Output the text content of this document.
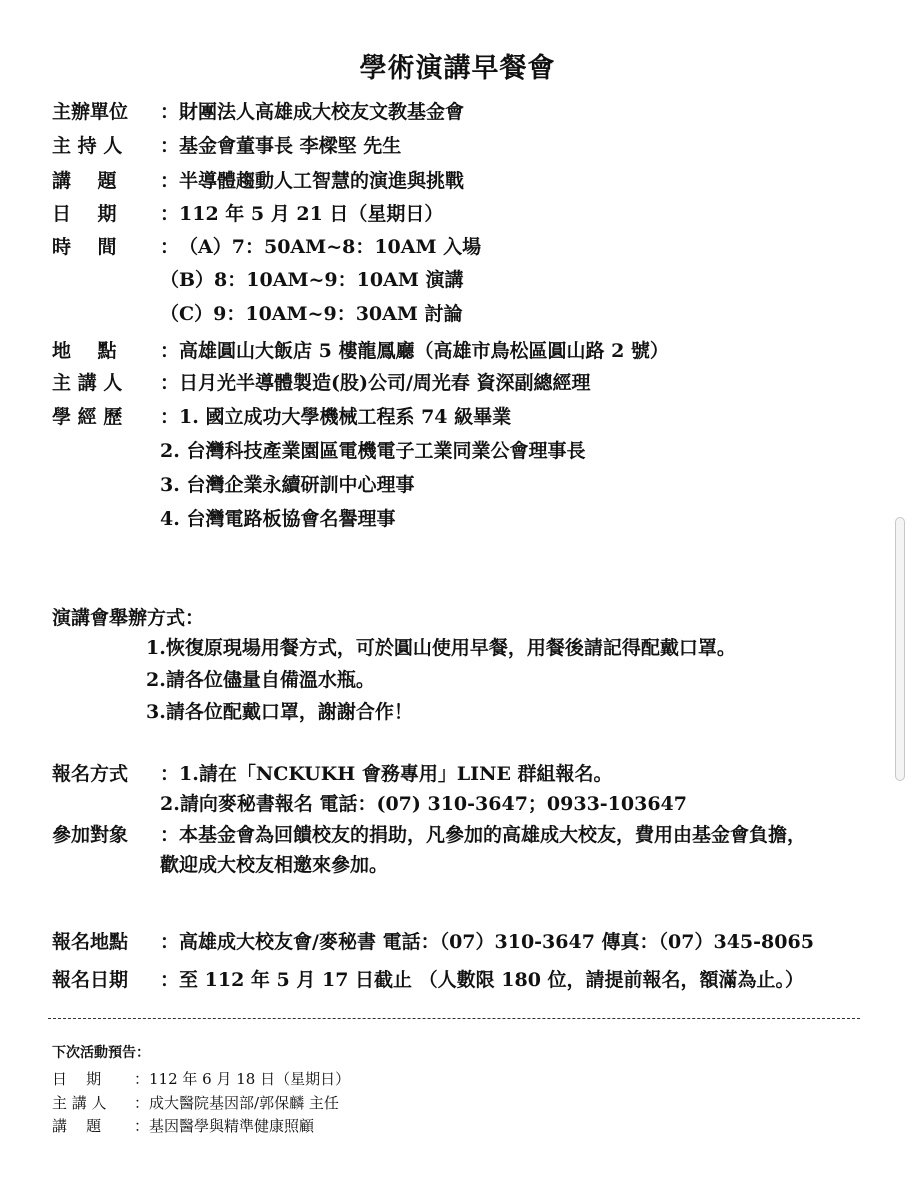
學術演講早餐會
主辦單位 ：財團法人高雄成大校友文教基金會
主 持 人 ：基金會董事長 李樑堅 先生
講    題 ：半導體趨動人工智慧的演進與挑戰
日    期 ：112 年 5 月 21 日（星期日）
時    間 ：（A）7：50AM~8：10AM 入場
（B）8：10AM~9：10AM 演講
（C）9：10AM~9：30AM 討論
地    點 ：高雄圓山大飯店 5 樓龍鳳廳（高雄市鳥松區圓山路 2 號）
主 講 人 ：日月光半導體製造(股)公司/周光春 資深副總經理
學 經 歷 ：1. 國立成功大學機械工程系 74 級畢業
2. 台灣科技產業園區電機電子工業同業公會理事長
3. 台灣企業永續研訓中心理事
4. 台灣電路板協會名譽理事
演講會舉辦方式：
1.恢復原現場用餐方式，可於圓山使用早餐，用餐後請記得配戴口罩。
2.請各位儘量自備溫水瓶。
3.請各位配戴口罩，謝謝合作！
報名方式 ：1.請在「NCKUKH 會務專用」LINE 群組報名。
2.請向麥秘書報名 電話：(07) 310-3647；0933-103647
參加對象 ：本基金會為回饋校友的捐助，凡參加的高雄成大校友，費用由基金會負擔，
歡迎成大校友相邀來參加。
報名地點 ：高雄成大校友會/麥秘書 電話：（07）310-3647 傳真：（07）345-8065
報名日期 ：至 112 年 5 月 17 日截止 （人數限 180 位，請提前報名，額滿為止。）
下次活動預告：
日    期 ：112 年 6 月 18 日（星期日）
主 講 人 ：成大醫院基因部/郭保麟 主任
講    題 ：基因醫學與精準健康照顧
